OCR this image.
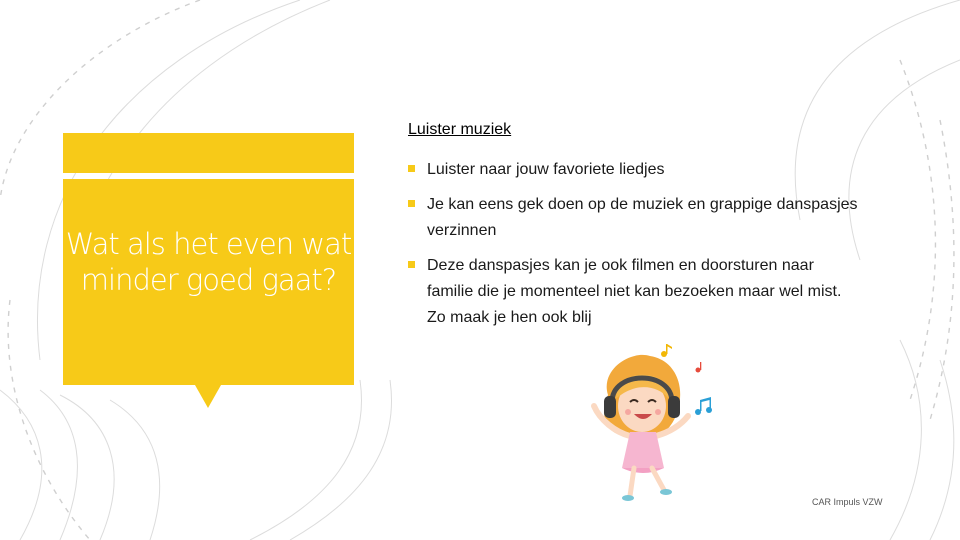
Wat als het even wat minder goed gaat?
Luister muziek
Luister naar jouw favoriete liedjes
Je kan eens gek doen op de muziek en grappige danspasjes verzinnen
Deze danspasjes kan je ook filmen en doorsturen naar familie die je momenteel niet kan bezoeken maar wel mist. Zo maak je hen ook blij
CAR Impuls VZW
